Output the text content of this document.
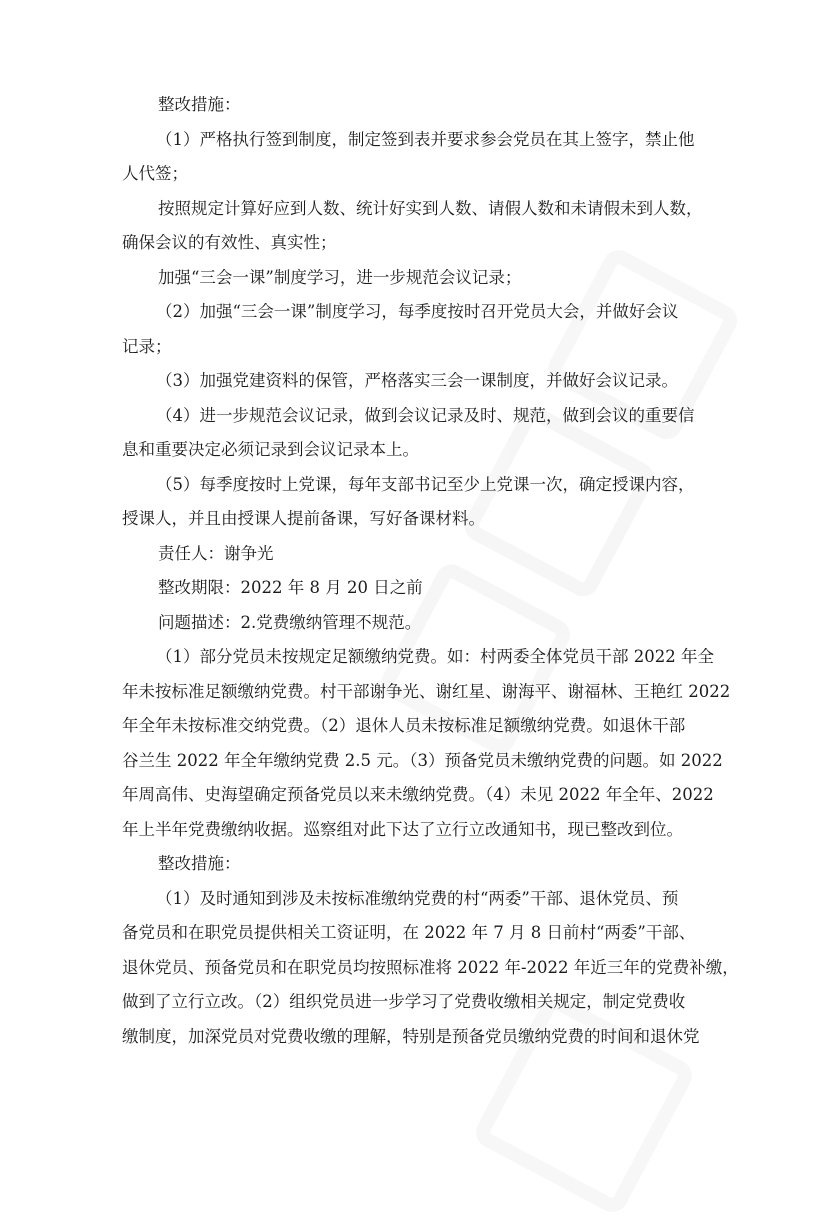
整改措施：

（1）严格执行签到制度，制定签到表并要求参会党员在其上签字，禁止他

人代签；

按照规定计算好应到人数、统计好实到人数、请假人数和未请假未到人数，

确保会议的有效性、真实性；

加强“三会一课”制度学习，进一步规范会议记录；

（2）加强“三会一课”制度学习，每季度按时召开党员大会，并做好会议

记录；

（3）加强党建资料的保管，严格落实三会一课制度，并做好会议记录。

（4）进一步规范会议记录，做到会议记录及时、规范，做到会议的重要信

息和重要决定必须记录到会议记录本上。

（5）每季度按时上党课，每年支部书记至少上党课一次，确定授课内容，

授课人，并且由授课人提前备课，写好备课材料。

责任人：谢争光

整改期限：2022 年 8 月 20 日之前

问题描述：2.党费缴纳管理不规范。

（1）部分党员未按规定足额缴纳党费。如：村两委全体党员干部 2022 年全

年未按标准足额缴纳党费。村干部谢争光、谢红星、谢海平、谢福林、王艳红 2022

年全年未按标准交纳党费。（2）退休人员未按标准足额缴纳党费。如退休干部

谷兰生 2022 年全年缴纳党费 2.5 元。（3）预备党员未缴纳党费的问题。如 2022

年周高伟、史海望确定预备党员以来未缴纳党费。（4）未见 2022 年全年、2022

年上半年党费缴纳收据。巡察组对此下达了立行立改通知书，现已整改到位。

整改措施：

（1）及时通知到涉及未按标准缴纳党费的村“两委”干部、退休党员、预

备党员和在职党员提供相关工资证明，在 2022 年 7 月 8 日前村“两委”干部、

退休党员、预备党员和在职党员均按照标准将 2022 年-2022 年近三年的党费补缴，

做到了立行立改。（2）组织党员进一步学习了党费收缴相关规定，制定党费收

缴制度，加深党员对党费收缴的理解，特别是预备党员缴纳党费的时间和退休党
